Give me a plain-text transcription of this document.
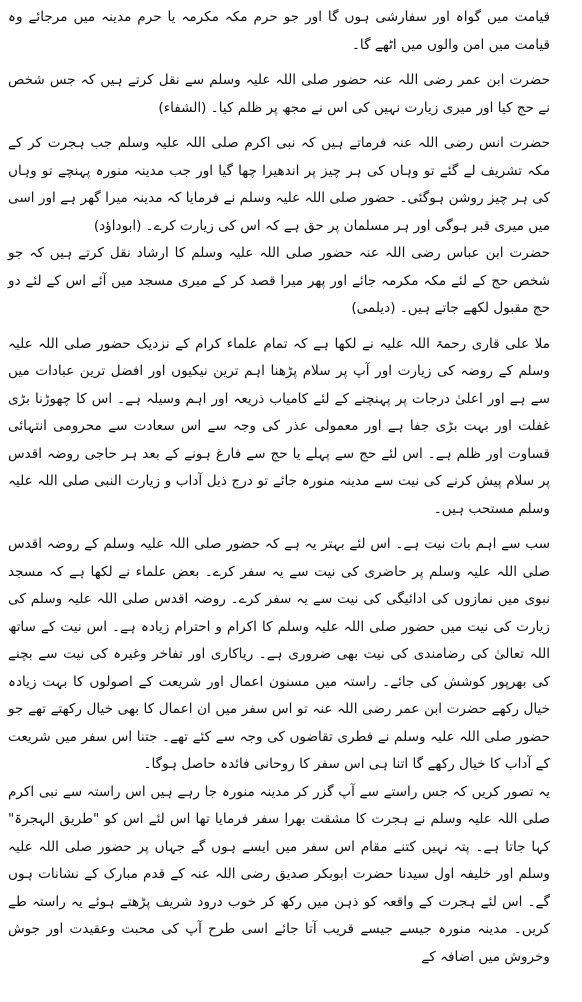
قیامت میں گواہ اور سفارشی ہوں گا اور جو حرم مکہ مکرمہ یا حرم مدینہ میں مرجائے وہ قیامت میں امن والوں میں اٹھے گا۔

حضرت ابن عمر رضی اللہ عنہ حضور صلی اللہ علیہ وسلم سے نقل کرتے ہیں کہ جس شخص نے حج کیا اور میری زیارت نہیں کی اس نے مجھ پر ظلم کیا۔ (الشفاء)

حضرت انس رضی اللہ عنہ فرماتے ہیں کہ نبی اکرم صلی اللہ علیہ وسلم جب ہجرت کر کے مکہ تشریف لے گئے تو وہاں کی ہر چیز پر اندھیرا چھا گیا اور جب مدینہ منورہ پہنچے تو وہاں کی ہر چیز روشن ہوگئی۔ حضور صلی اللہ علیہ وسلم نے فرمایا کہ مدینہ میرا گھر ہے اور اسی میں میری قبر ہوگی اور ہر مسلمان پر حق ہے کہ اس کی زیارت کرے۔ (ابوداؤد)

حضرت ابن عباس رضی اللہ عنہ حضور صلی اللہ علیہ وسلم کا ارشاد نقل کرتے ہیں کہ جو شخص حج کے لئے مکہ مکرمہ جائے اور پھر میرا قصد کر کے میری مسجد میں آئے اس کے لئے دو حج مقبول لکھے جاتے ہیں۔ (دیلمی)

ملا علی قاری رحمۃ اللہ علیہ نے لکھا ہے کہ تمام علماء کرام کے نزدیک حضور صلی اللہ علیہ وسلم کے روضہ کی زیارت اور آپ پر سلام پڑھنا اہم ترین نیکیوں اور افضل ترین عبادات میں سے ہے اور اعلیٰ درجات پر پہنچنے کے لئے کامیاب ذریعہ اور اہم وسیلہ ہے۔ اس کا چھوڑنا بڑی غفلت اور بہت بڑی جفا ہے اور معمولی عذر کی وجہ سے اس سعادت سے محرومی انتہائی قساوت اور ظلم ہے۔ اس لئے حج سے پہلے یا حج سے فارغ ہونے کے بعد ہر حاجی روضہ اقدس پر سلام پیش کرنے کی نیت سے مدینہ منورہ جائے تو درج ذیل آداب و زیارت النبی صلی اللہ علیہ وسلم مستحب ہیں۔

سب سے اہم بات نیت ہے۔ اس لئے بہتر یہ ہے کہ حضور صلی اللہ علیہ وسلم کے روضہ اقدس صلی اللہ علیہ وسلم پر حاضری کی نیت سے یہ سفر کرے۔ بعض علماء نے لکھا ہے کہ مسجد نبوی میں نمازوں کی ادائیگی کی نیت سے یہ سفر کرے۔ روضہ اقدس صلی اللہ علیہ وسلم کی زیارت کی نیت میں حضور صلی اللہ علیہ وسلم کا اکرام و احترام زیادہ ہے۔ اس نیت کے ساتھ اللہ تعالیٰ کی رضامندی کی نیت بھی ضروری ہے۔ ریاکاری اور تفاخر وغیرہ کی نیت سے بچنے کی بھرپور کوشش کی جائے۔ راستہ میں مسنون اعمال اور شریعت کے اصولوں کا بہت زیادہ خیال رکھے حضرت ابن عمر رضی اللہ عنہ تو اس سفر میں ان اعمال کا بھی خیال رکھتے تھے جو حضور صلی اللہ علیہ وسلم نے فطری تقاضوں کی وجہ سے کئے تھے۔ جتنا اس سفر میں شریعت کے آداب کا خیال رکھے گا اتنا ہی اس سفر کا روحانی فائدہ حاصل ہوگا۔

یہ تصور کریں کہ جس راستے سے آپ گزر کر مدینہ منورہ جا رہے ہیں اس راستہ سے نبی اکرم صلی اللہ علیہ وسلم نے ہجرت کا مشقت بھرا سفر فرمایا تھا اس لئے اس کو "طریق الہجرۃ" کہا جاتا ہے۔ پتہ نہیں کتنے مقام اس سفر میں ایسے ہوں گے جہاں پر حضور صلی اللہ علیہ وسلم اور خلیفہ اول سیدنا حضرت ابوبکر صدیق رضی اللہ عنہ کے قدم مبارک کے نشانات ہوں گے۔ اس لئے ہجرت کے واقعہ کو ذہن میں رکھ کر خوب درود شریف پڑھتے ہوئے یہ راستہ طے کریں۔ مدینہ منورہ جیسے جیسے قریب آتا جائے اسی طرح آپ کی محبت وعقیدت اور جوش وخروش میں اضافہ کے
